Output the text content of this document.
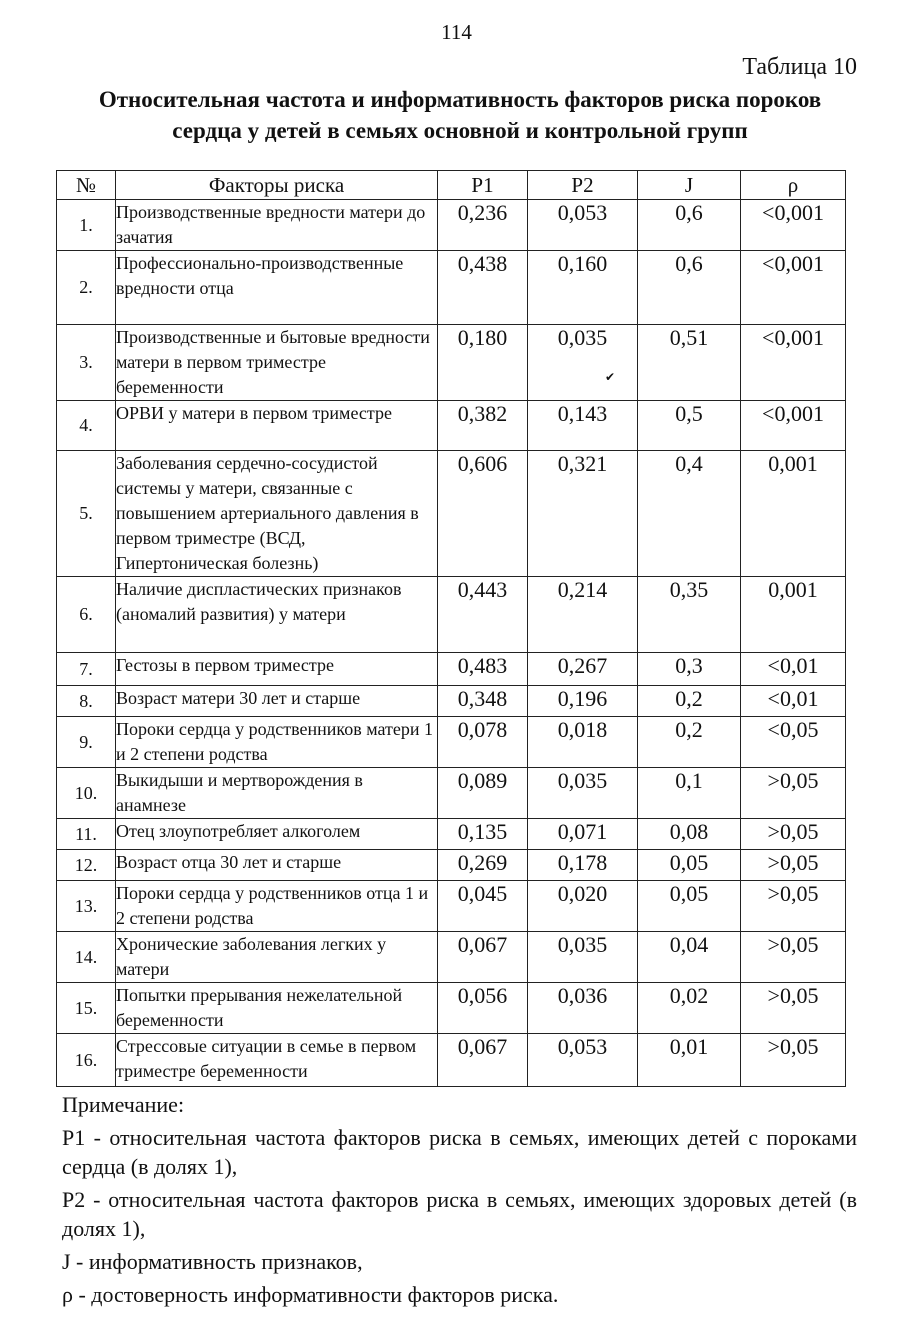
114
Таблица 10
Относительная частота и информативность факторов риска пороков
сердца у детей в семьях основной и контрольной групп
№	Факторы риска	P1	P2	J	ρ
1.	Производственные вредности матери до зачатия	0,236	0,053	0,6	<0,001
2.	Профессионально-производственные вредности отца	0,438	0,160	0,6	<0,001
3.	Производственные и бытовые вредности матери в первом триместре беременности	0,180	0,035	0,51	<0,001
4.	ОРВИ у матери в первом триместре	0,382	0,143	0,5	<0,001
5.	Заболевания сердечно-сосудистой системы у матери, связанные с повышением артериального давления в первом триместре (ВСД, Гипертоническая болезнь)	0,606	0,321	0,4	0,001
6.	Наличие диспластических признаков (аномалий развития) у матери	0,443	0,214	0,35	0,001
7.	Гестозы в первом триместре	0,483	0,267	0,3	<0,01
8.	Возраст матери 30 лет и старше	0,348	0,196	0,2	<0,01
9.	Пороки сердца у родственников матери 1 и 2 степени родства	0,078	0,018	0,2	<0,05
10.	Выкидыши и мертворождения в анамнезе	0,089	0,035	0,1	>0,05
11.	Отец злоупотребляет алкоголем	0,135	0,071	0,08	>0,05
12.	Возраст отца 30 лет и старше	0,269	0,178	0,05	>0,05
13.	Пороки сердца у родственников отца 1 и 2 степени родства	0,045	0,020	0,05	>0,05
14.	Хронические заболевания легких у матери	0,067	0,035	0,04	>0,05
15.	Попытки прерывания нежелательной беременности	0,056	0,036	0,02	>0,05
16.	Стрессовые ситуации в семье в первом триместре беременности	0,067	0,053	0,01	>0,05
✔

Примечание:

P1 - относительная частота факторов риска в семьях, имеющих детей с пороками сердца (в долях 1),

P2 - относительная частота факторов риска в семьях, имеющих здоровых детей (в долях 1),

J - информативность признаков,

ρ - достоверность информативности факторов риска.
